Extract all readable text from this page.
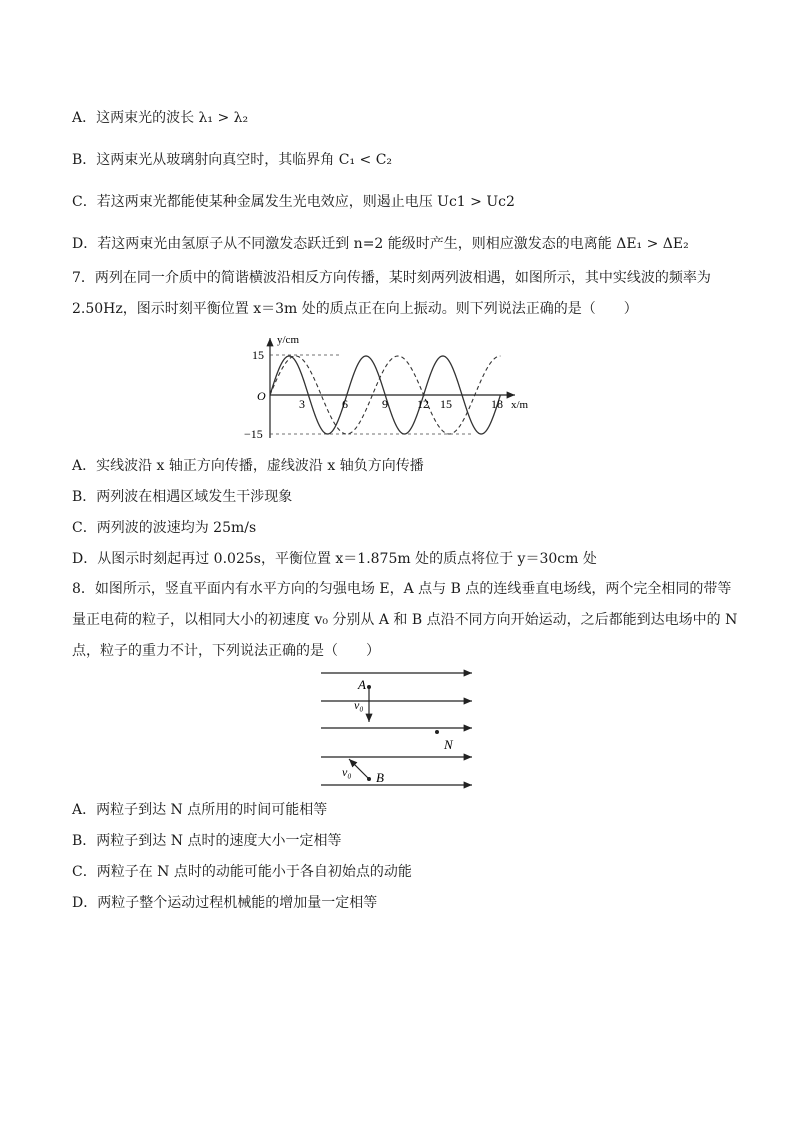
A．这两束光的波长 λ₁ > λ₂
B．这两束光从玻璃射向真空时，其临界角 C₁ < C₂
C．若这两束光都能使某种金属发生光电效应，则遏止电压 Uc1 > Uc2
D．若这两束光由氢原子从不同激发态跃迁到 n=2 能级时产生，则相应激发态的电离能 ΔE₁ > ΔE₂
7．两列在同一介质中的简谐横波沿相反方向传播，某时刻两列波相遇，如图所示，其中实线波的频率为
2.50Hz，图示时刻平衡位置 x＝3m 处的质点正在向上振动。则下列说法正确的是（　　）
y/cm
x/m
O
15
−15
3	6	9 12 15	18
A．实线波沿 x 轴正方向传播，虚线波沿 x 轴负方向传播
B．两列波在相遇区域发生干涉现象
C．两列波的波速均为 25m/s
D．从图示时刻起再过 0.025s，平衡位置 x＝1.875m 处的质点将位于 y＝30cm 处
8．如图所示，竖直平面内有水平方向的匀强电场 E，A 点与 B 点的连线垂直电场线，两个完全相同的带等
量正电荷的粒子，以相同大小的初速度 v₀ 分别从 A 和 B 点沿不同方向开始运动，之后都能到达电场中的 N
点，粒子的重力不计，下列说法正确的是（　　）
A
v₀
N
B
v₀
A．两粒子到达 N 点所用的时间可能相等
B．两粒子到达 N 点时的速度大小一定相等
C．两粒子在 N 点时的动能可能小于各自初始点的动能
D．两粒子整个运动过程机械能的增加量一定相等
